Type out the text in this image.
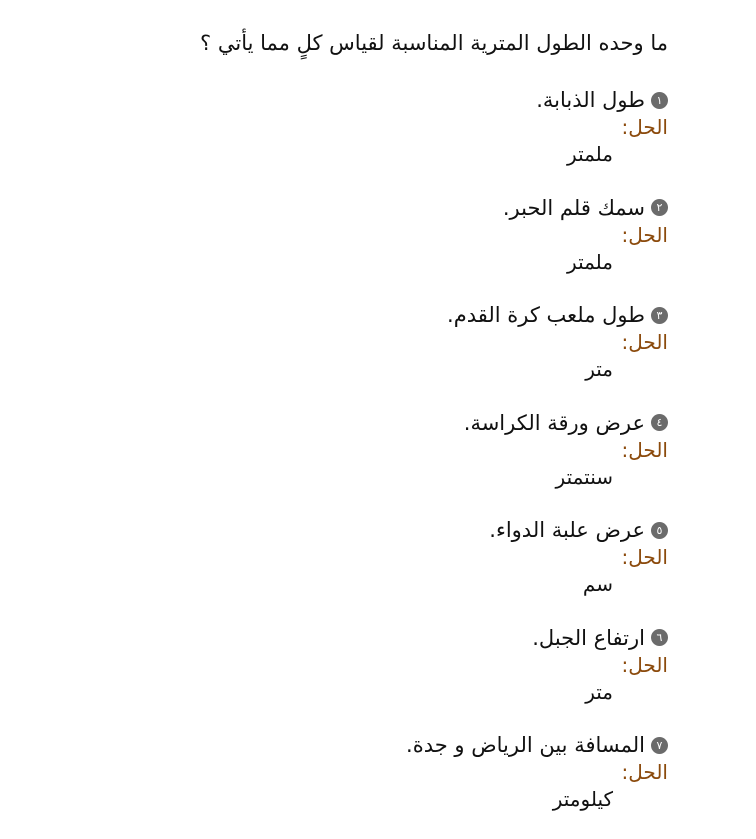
ما وحده الطول المترية المناسبة لقياس كلٍ مما يأتي ؟
١
طول الذبابة.
الحل:
ملمتر
٢
سمك قلم الحبر.
الحل:
ملمتر
٣
طول ملعب كرة القدم.
الحل:
متر
٤
عرض ورقة الكراسة.
الحل:
سنتمتر
٥
عرض علبة الدواء.
الحل:
سم
٦
ارتفاع الجبل.
الحل:
متر
٧
المسافة بين الرياض و جدة.
الحل:
كيلومتر
